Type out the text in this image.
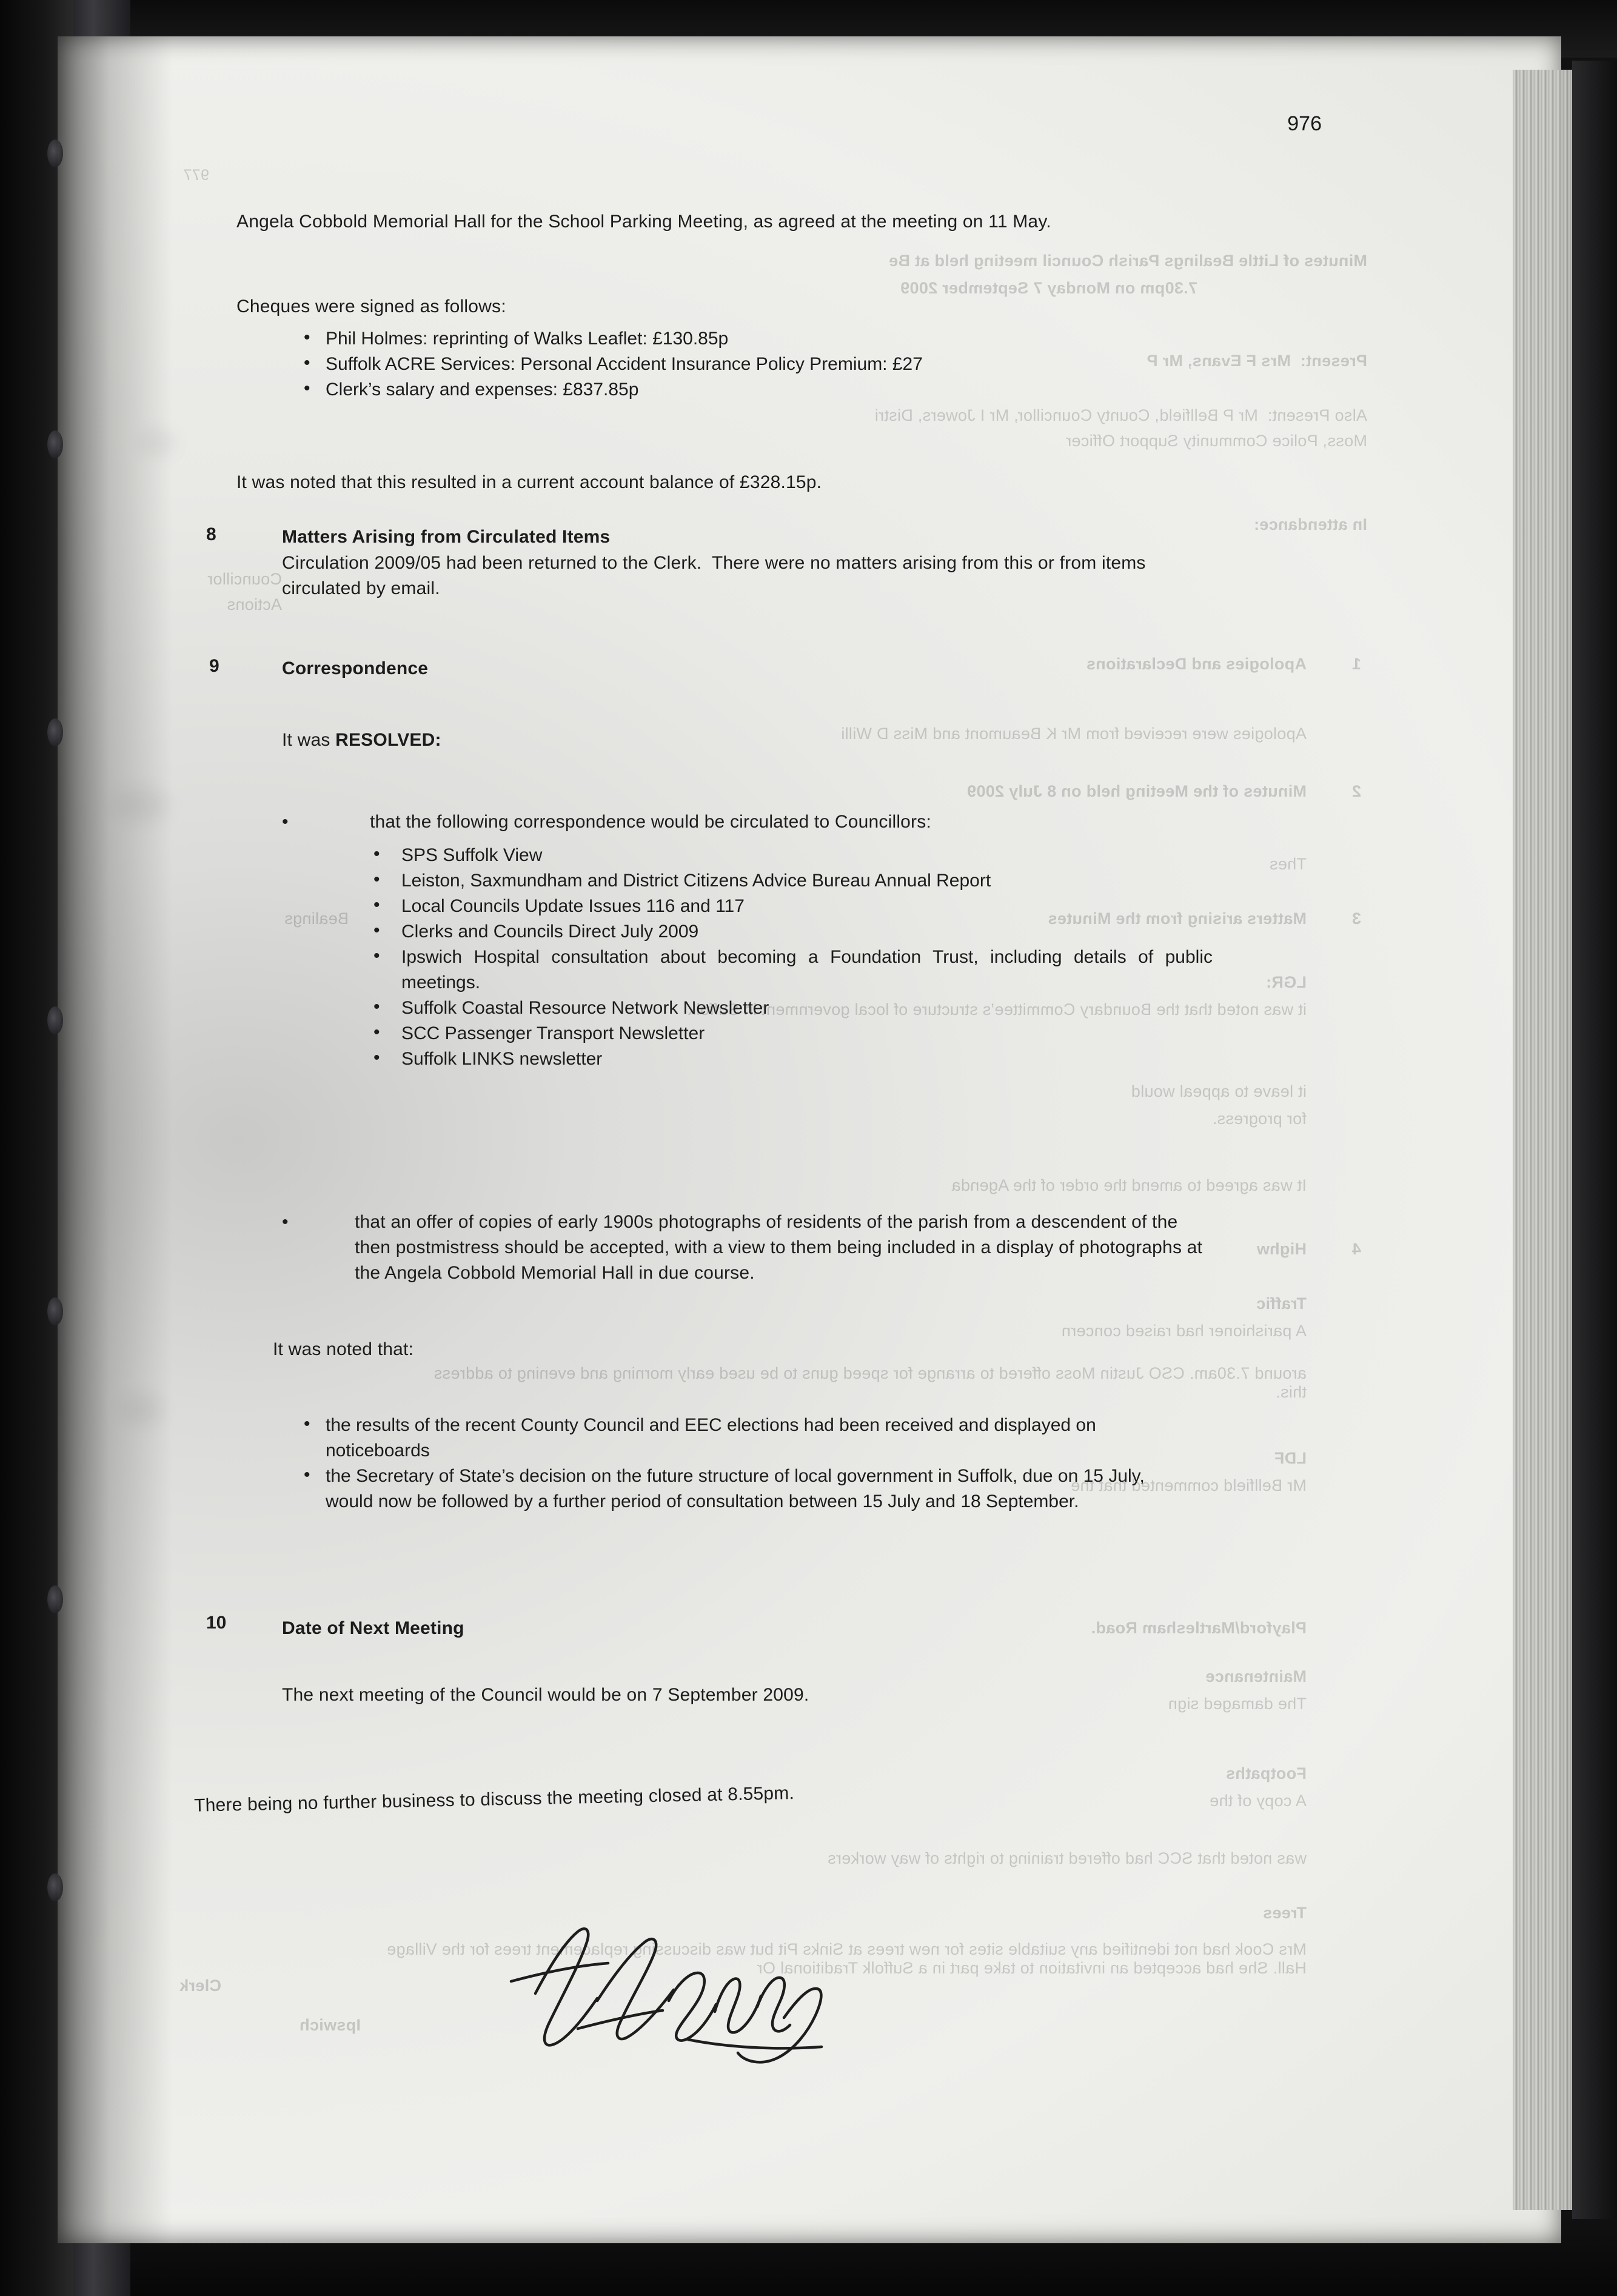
977
Minutes of Little Bealings Parish Council meeting held at Be
7.30pm on Monday 7 September 2009
Present:  Mrs F Evans, Mr P
Also Present:  Mr P Bellfield, County Councillor, Mr I Jowers, Distri
Moss, Police Community Support Officer
In attendance:
Councillor
Actions
Apologies and Declarations	1
Apologies were received from Mr K Beaumont and Miss D Willi
Minutes of the Meeting held on 8 July 2009	2
Thes
Matters arising from the Minutes	3
Bealings
LGR:
it was noted that the Boundary Committee’s structure of local government in Suffolk
it leave to appeal would
for progress.
It was agreed to amend the order of the Agenda
Highw	4
Traffic
A parishioner had raised concern
around 7.30am. CSO Justin Moss offered to arrange for speed guns to be used early morning and evening to address this.
LDF
Mr Bellfield commented that the
Playford/Martlesham Road.
Maintenance
The damaged sign
Footpaths
A copy of the
was noted that SCC had offered training to rights of way workers
Trees
Mrs Cook had not identified any suitable sites for new trees at Sinks Pit but was discussing replacement trees for the Village Hall. She had accepted an invitation to take part in a Suffolk Traditional Or
Ipswich
Clerk
976
Angela Cobbold Memorial Hall for the School Parking Meeting, as agreed at the meeting on 11 May.
Cheques were signed as follows:
• Phil Holmes: reprinting of Walks Leaflet: £130.85p
• Suffolk ACRE Services: Personal Accident Insurance Policy Premium: £27
• Clerk’s salary and expenses: £837.85p
It was noted that this resulted in a current account balance of £328.15p.
8	Matters Arising from Circulated Items
Circulation 2009/05 had been returned to the Clerk.  There were no matters arising from this or from items circulated by email.
9	Correspondence
It was RESOLVED:
•	that the following correspondence would be circulated to Councillors:
• SPS Suffolk View
• Leiston, Saxmundham and District Citizens Advice Bureau Annual Report
• Local Councils Update Issues 116 and 117
• Clerks and Councils Direct July 2009
• Ipswich Hospital consultation about becoming a Foundation Trust, including details of public meetings.
• Suffolk Coastal Resource Network Newsletter
• SCC Passenger Transport Newsletter
• Suffolk LINKS newsletter
•	that an offer of copies of early 1900s photographs of residents of the parish from a descendent of the then postmistress should be accepted, with a view to them being included in a display of photographs at the Angela Cobbold Memorial Hall in due course.
It was noted that:
• the results of the recent County Council and EEC elections had been received and displayed on noticeboards
• the Secretary of State’s decision on the future structure of local government in Suffolk, due on 15 July, would now be followed by a further period of consultation between 15 July and 18 September.
10	Date of Next Meeting
The next meeting of the Council would be on 7 September 2009.
There being no further business to discuss the meeting closed at 8.55pm.
